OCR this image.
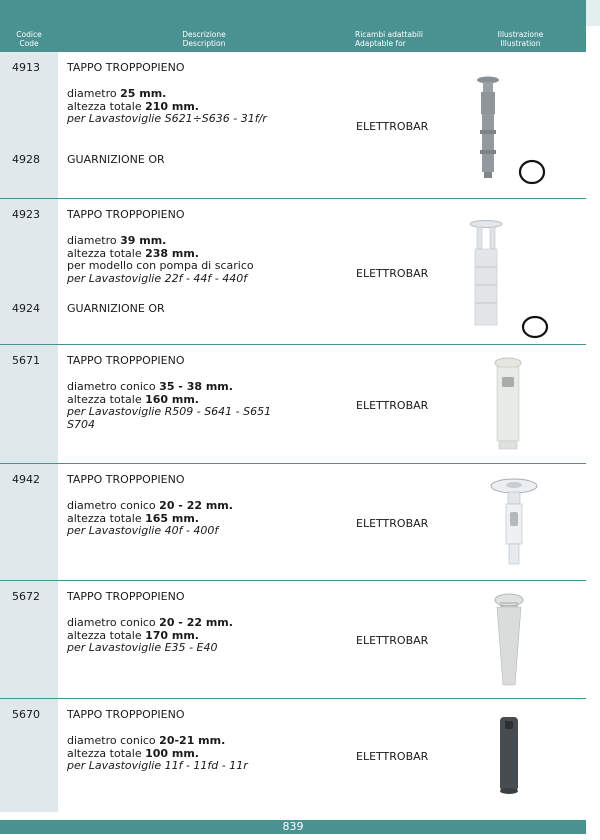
Codice
Code
Descrizione
Description
Ricambi adattabili
Adaptable for
Illustrazione
Illustration
4913 TAPPO TROPPOPIENO
diametro 25 mm.
altezza totale 210 mm.
per Lavastoviglie S621÷S636 - 31f/r
ELETTROBAR
4928 GUARNIZIONE OR
4923 TAPPO TROPPOPIENO
diametro 39 mm.
altezza totale 238 mm.
per modello con pompa di scarico
per Lavastoviglie 22f - 44f - 440f	ELETTROBAR
4924 GUARNIZIONE OR
5671 TAPPO TROPPOPIENO
diametro conico 35 - 38 mm.
altezza totale 160 mm.
per Lavastoviglie R509 - S641 - S651
S704
ELETTROBAR
4942 TAPPO TROPPOPIENO
diametro conico 20 - 22 mm.
altezza totale 165 mm.
per Lavastoviglie 40f - 400f
ELETTROBAR
5672 TAPPO TROPPOPIENO
diametro conico 20 - 22 mm.
altezza totale 170 mm.
per Lavastoviglie E35 - E40
ELETTROBAR
5670 TAPPO TROPPOPIENO
diametro conico 20-21 mm.
altezza totale 100 mm.
per Lavastoviglie 11f - 11fd - 11r
ELETTROBAR
839
